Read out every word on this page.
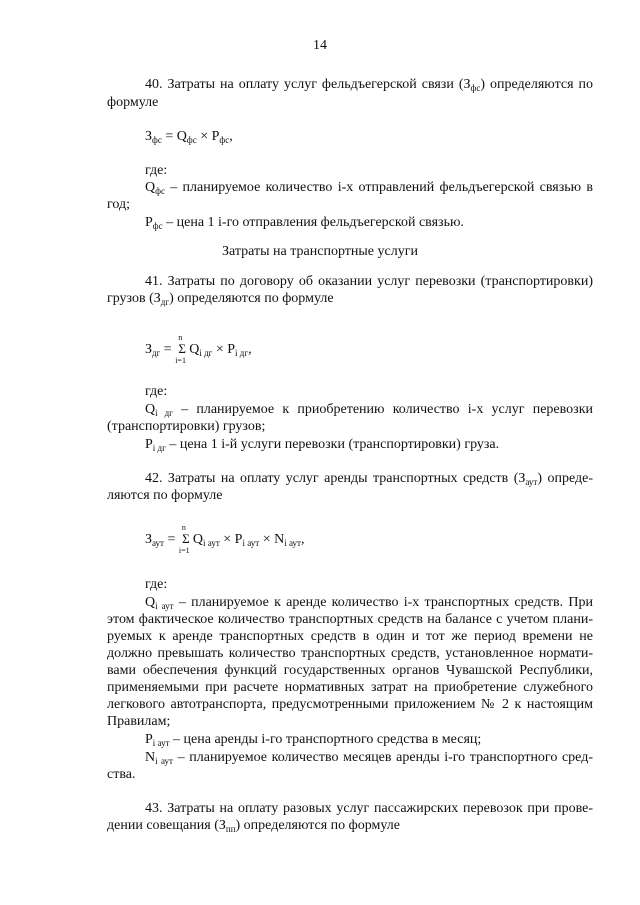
14
40. Затраты на оплату услуг фельдъегерской связи $(З_{фс})$ определяются по
формуле
$З_{фс} = Q_{фс} \times P_{фс}$,
где:
$Q_{фс}$ – планируемое количество i-х отправлений фельдъегерской связью в
год;
$P_{фс}$ – цена 1 i-го отправления фельдъегерской связью.
Затраты на транспортные услуги
41. Затраты по договору об оказании услуг перевозки (транспортировки)
грузов $(З_{дг})$ определяются по формуле
$З_{дг}$ =
n
Σ
i=1
$Q_{i дг} \times P_{i дг}$,
где:
$Q_{i дг}$ – планируемое к приобретению количество i-х услуг перевозки
(транспортировки) грузов;
$P_{i дг}$ – цена 1 i-й услуги перевозки (транспортировки) груза.
42. Затраты на оплату услуг аренды транспортных средств $(З_{аут})$ опреде-
ляются по формуле
$З_{аут}$ =
n
Σ
i=1
$Q_{i аут} \times P_{i аут} \times N_{i аут}$,
где:
$Q_{i аут}$ – планируемое к аренде количество i-х транспортных средств. При
этом фактическое количество транспортных средств на балансе с учетом плани-
руемых к аренде транспортных средств в один и тот же период времени не
должно превышать количество транспортных средств, установленное нормати-
вами обеспечения функций государственных органов Чувашской Республики,
применяемыми при расчете нормативных затрат на приобретение служебного
легкового автотранспорта, предусмотренными приложением № 2 к настоящим
Правилам;
$P_{i аут}$ – цена аренды i-го транспортного средства в месяц;
$N_{i аут}$ – планируемое количество месяцев аренды i-го транспортного сред-
ства.
43. Затраты на оплату разовых услуг пассажирских перевозок при прове-
дении совещания $(З_{пп})$ определяются по формуле
